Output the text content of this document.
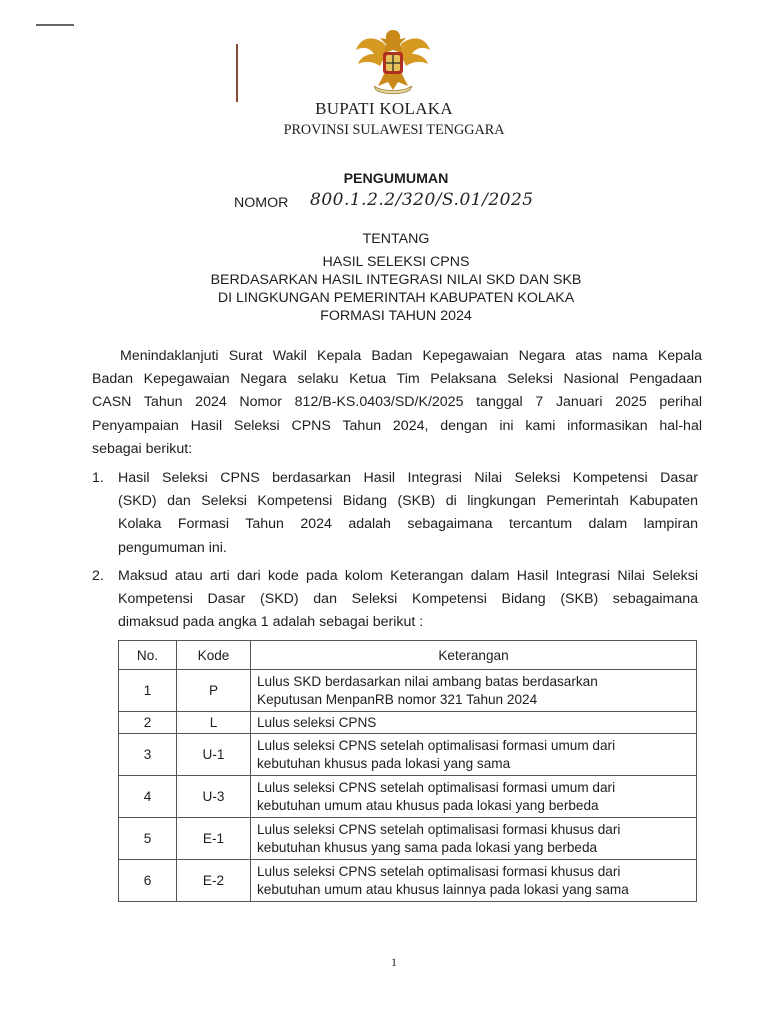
BUPATI KOLAKA
PROVINSI SULAWESI TENGGARA
PENGUMUMAN
NOMOR 800.1.2.2/320/S.01/2025
TENTANG
HASIL SELEKSI CPNS
BERDASARKAN HASIL INTEGRASI NILAI SKD DAN SKB
DI LINGKUNGAN PEMERINTAH KABUPATEN KOLAKA
FORMASI TAHUN 2024
Menindaklanjuti Surat Wakil Kepala Badan Kepegawaian Negara atas nama Kepala
Badan Kepegawaian Negara selaku Ketua Tim Pelaksana Seleksi Nasional Pengadaan
CASN Tahun 2024 Nomor 812/B-KS.0403/SD/K/2025 tanggal 7 Januari 2025 perihal
Penyampaian Hasil Seleksi CPNS Tahun 2024, dengan ini kami informasikan hal-hal
sebagai berikut:
1. Hasil Seleksi CPNS berdasarkan Hasil Integrasi Nilai Seleksi Kompetensi Dasar
(SKD) dan Seleksi Kompetensi Bidang (SKB) di lingkungan Pemerintah Kabupaten
Kolaka Formasi Tahun 2024 adalah sebagaimana tercantum dalam lampiran
pengumuman ini.
2. Maksud atau arti dari kode pada kolom Keterangan dalam Hasil Integrasi Nilai Seleksi
Kompetensi Dasar (SKD) dan Seleksi Kompetensi Bidang (SKB) sebagaimana
dimaksud pada angka 1 adalah sebagai berikut :
No.	Kode	Keterangan
1	P	Lulus SKD berdasarkan nilai ambang batas berdasarkan
Keputusan MenpanRB nomor 321 Tahun 2024
2	L	Lulus seleksi CPNS
3	U-1	Lulus seleksi CPNS setelah optimalisasi formasi umum dari
kebutuhan khusus pada lokasi yang sama
4	U-3	Lulus seleksi CPNS setelah optimalisasi formasi umum dari
kebutuhan umum atau khusus pada lokasi yang berbeda
5	E-1	Lulus seleksi CPNS setelah optimalisasi formasi khusus dari
kebutuhan khusus yang sama pada lokasi yang berbeda
6	E-2	Lulus seleksi CPNS setelah optimalisasi formasi khusus dari
kebutuhan umum atau khusus lainnya pada lokasi yang sama
1
